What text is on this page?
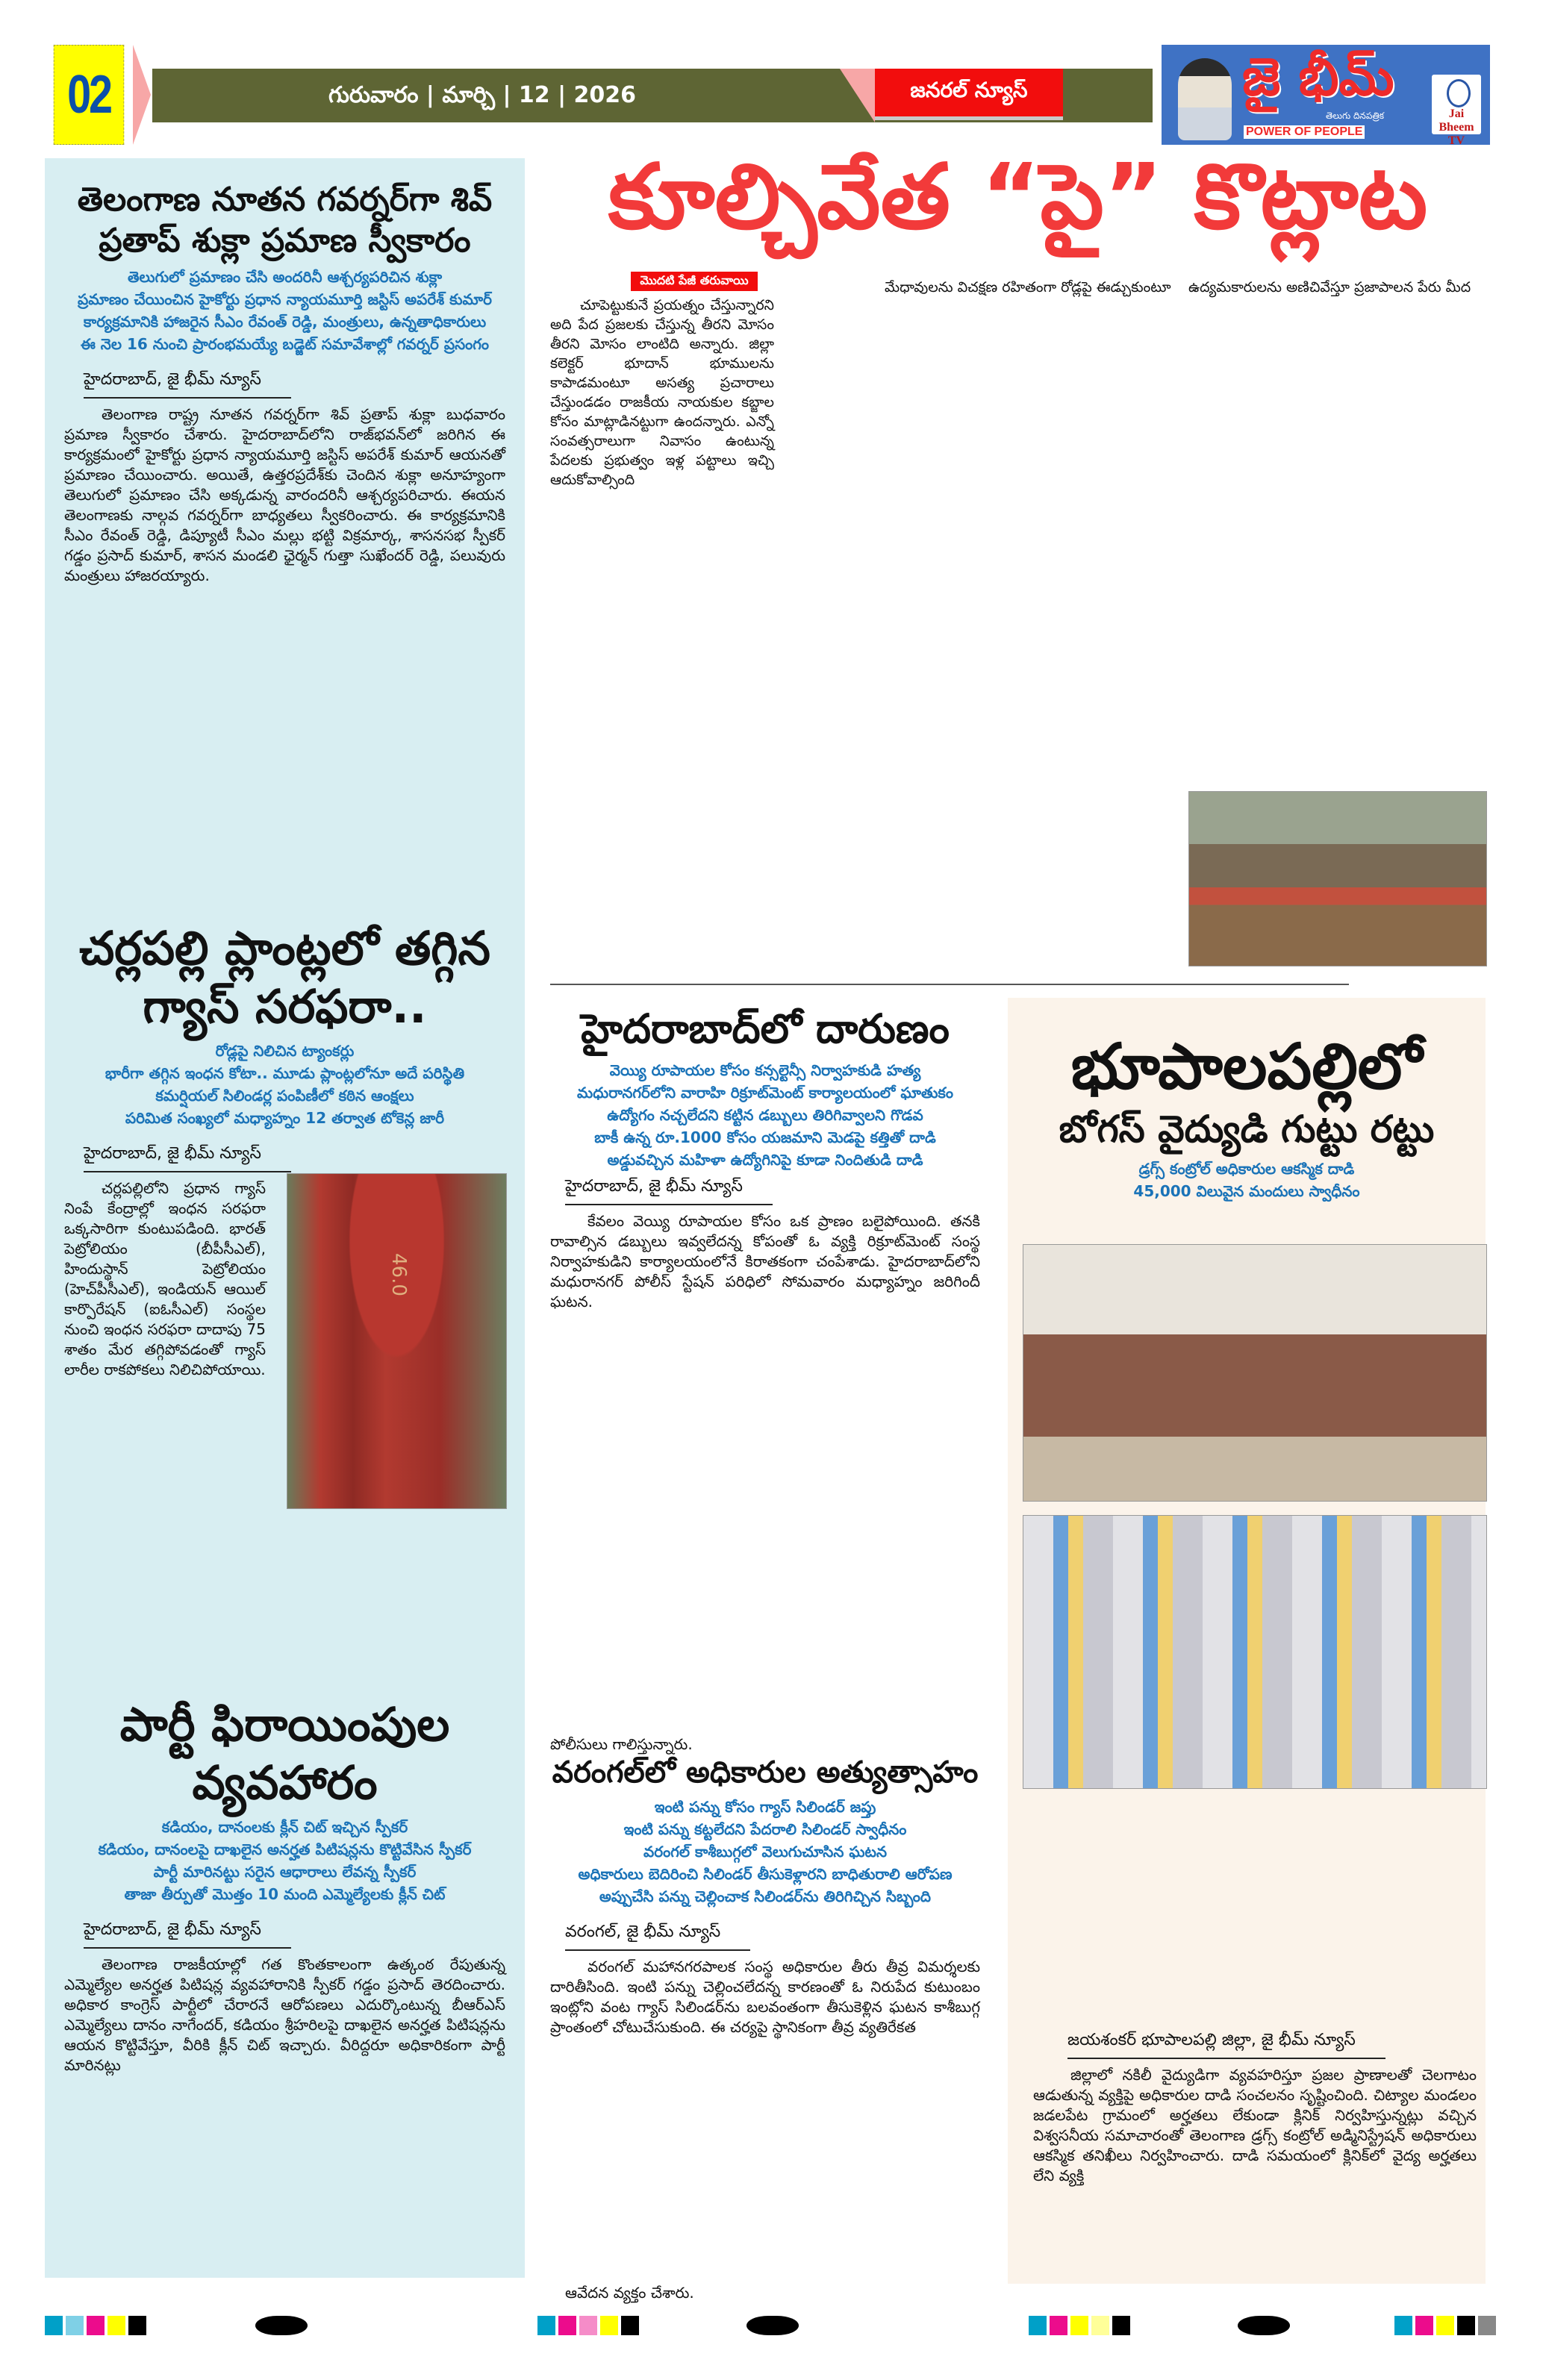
02	గురువారం | మార్చి | 12 | 2026	జనరల్ న్యూస్	జై భీమ్
తెలుగు దినపత్రిక
POWER OF PEOPLE
Jai Bheem TV
తెలంగాణ నూతన గవర్నర్‌గా శివ్ ప్రతాప్ శుక్లా ప్రమాణ స్వీకారం
తెలుగులో ప్రమాణం చేసి అందరినీ ఆశ్చర్యపరిచిన శుక్లా
ప్రమాణం చేయించిన హైకోర్టు ప్రధాన న్యాయమూర్తి జస్టిస్ అపరేశ్ కుమార్
కార్యక్రమానికి హాజరైన సీఎం రేవంత్ రెడ్డి, మంత్రులు, ఉన్నతాధికారులు
ఈ నెల 16 నుంచి ప్రారంభమయ్యే బడ్జెట్ సమావేశాల్లో గవర్నర్ ప్రసంగం
హైదరాబాద్, జై భీమ్ న్యూస్

తెలంగాణ రాష్ట్ర నూతన గవర్నర్‌గా శివ్ ప్రతాప్ శుక్లా బుధవారం ప్రమాణ స్వీకారం చేశారు. హైదరాబాద్‌లోని రాజ్‌భవన్‌లో జరిగిన ఈ కార్యక్రమంలో హైకోర్టు ప్రధాన న్యాయమూర్తి జస్టిస్ అపరేశ్ కుమార్ ఆయనతో ప్రమాణం చేయించారు. అయితే, ఉత్తరప్రదేశ్‌కు చెందిన శుక్లా అనూహ్యంగా తెలుగులో ప్రమాణం చేసి అక్కడున్న వారందరినీ ఆశ్చర్యపరిచారు. ఈయన తెలంగాణకు నాల్గవ గవర్నర్‌గా బాధ్యతలు స్వీకరించారు. ఈ కార్యక్రమానికి సీఎం రేవంత్ రెడ్డి, డిప్యూటీ సీఎం మల్లు భట్టి విక్రమార్క, శాసనసభ స్పీకర్ గడ్డం ప్రసాద్ కుమార్, శాసన మండలి ఛైర్మన్ గుత్తా సుఖేందర్ రెడ్డి, పలువురు మంత్రులు హాజరయ్యారు.

చర్లపల్లి ప్లాంట్లలో తగ్గిన గ్యాస్ సరఫరా..
రోడ్లపై నిలిచిన ట్యాంకర్లు
భారీగా తగ్గిన ఇంధన కోటా.. మూడు ప్లాంట్లలోనూ అదే పరిస్థితి
కమర్షియల్ సిలిండర్ల పంపిణీలో కఠిన ఆంక్షలు
పరిమిత సంఖ్యలో మధ్యాహ్నం 12 తర్వాత టోకెన్ల జారీ
హైదరాబాద్, జై భీమ్ న్యూస్

చర్లపల్లిలోని ప్రధాన గ్యాస్ నింపే కేంద్రాల్లో ఇంధన సరఫరా ఒక్కసారిగా కుంటుపడింది. భారత్ పెట్రోలియం (బీపీసీఎల్), హిందుస్థాన్ పెట్రోలియం (హెచ్‌పీసీఎల్), ఇండియన్ ఆయిల్ కార్పొరేషన్ (ఐఓసీఎల్) సంస్థల నుంచి ఇంధన సరఫరా దాదాపు 75 శాతం మేర తగ్గిపోవడంతో గ్యాస్ లారీల రాకపోకలు నిలిచిపోయాయి.

46.0
పార్టీ ఫిరాయింపుల వ్యవహారం
కడియం, దానంలకు క్లీన్ చిట్ ఇచ్చిన స్పీకర్
కడియం, దానంలపై దాఖలైన అనర్హత పిటిషన్లను కొట్టివేసిన స్పీకర్
పార్టీ మారినట్టు సరైన ఆధారాలు లేవన్న స్పీకర్
తాజా తీర్పుతో మొత్తం 10 మంది ఎమ్మెల్యేలకు క్లీన్ చిట్
హైదరాబాద్, జై భీమ్ న్యూస్

తెలంగాణ రాజకీయాల్లో గత కొంతకాలంగా ఉత్కంఠ రేపుతున్న ఎమ్మెల్యేల అనర్హత పిటిషన్ల వ్యవహారానికి స్పీకర్ గడ్డం ప్రసాద్ తెరదించారు. అధికార కాంగ్రెస్ పార్టీలో చేరారనే ఆరోపణలు ఎదుర్కొంటున్న బీఆర్ఎస్ ఎమ్మెల్యేలు దానం నాగేందర్, కడియం శ్రీహరిలపై దాఖలైన అనర్హత పిటిషన్లను ఆయన కొట్టివేస్తూ, వీరికి క్లీన్ చిట్ ఇచ్చారు. వీరిద్దరూ అధికారికంగా పార్టీ మారినట్లు

కూల్చివేత “పై” కొట్లాట
మొదటి పేజీ తరువాయి
చూపెట్టుకునే ప్రయత్నం చేస్తున్నారని అది పేద ప్రజలకు చేస్తున్న తీరని మోసం తీరని మోసం లాంటిది అన్నారు. జిల్లా కలెక్టర్ భూదాన్ భూములను కాపాడమంటూ అసత్య ప్రచారాలు చేస్తుండడం రాజకీయ నాయకుల కబ్జాల కోసం మాట్లాడినట్టుగా ఉందన్నారు. ఎన్నో సంవత్సరాలుగా నివాసం ఉంటున్న పేదలకు ప్రభుత్వం ఇళ్ల పట్టాలు ఇచ్చి ఆదుకోవాల్సింది
మేధావులను విచక్షణ రహితంగా రోడ్లపై ఈడ్చుకుంటూ	ఉద్యమకారులను అణిచివేస్తూ ప్రజాపాలన పేరు మీద
హైదరాబాద్‌లో దారుణం
వెయ్యి రూపాయల కోసం కన్సల్టెన్సీ నిర్వాహకుడి హత్య
మధురానగర్‌లోని వారాహి రిక్రూట్‌మెంట్ కార్యాలయంలో ఘాతుకం
ఉద్యోగం నచ్చలేదని కట్టిన డబ్బులు తిరిగివ్వాలని గొడవ
బాకీ ఉన్న రూ.1000 కోసం యజమాని మెడపై కత్తితో దాడి
అడ్డువచ్చిన మహిళా ఉద్యోగినిపై కూడా నిందితుడి దాడి
హైదరాబాద్, జై భీమ్ న్యూస్

కేవలం వెయ్యి రూపాయల కోసం ఒక ప్రాణం బలైపోయింది. తనకి రావాల్సిన డబ్బులు ఇవ్వలేదన్న కోపంతో ఓ వ్యక్తి రిక్రూట్‌మెంట్ సంస్థ నిర్వాహకుడిని కార్యాలయంలోనే కిరాతకంగా చంపేశాడు. హైదరాబాద్‌లోని మధురానగర్ పోలీస్ స్టేషన్ పరిధిలో సోమవారం మధ్యాహ్నం జరిగిందీ ఘటన.

పోలీసులు గాలిస్తున్నారు.
వరంగల్‌లో అధికారుల అత్యుత్సాహం
ఇంటి పన్ను కోసం గ్యాస్ సిలిండర్ జప్తు
ఇంటి పన్ను కట్టలేదని పేదరాలి సిలిండర్ స్వాధీనం
వరంగల్ కాశీబుగ్గలో వెలుగుచూసిన ఘటన
అధికారులు బెదిరించి సిలిండర్ తీసుకెళ్లారని బాధితురాలి ఆరోపణ
అప్పుచేసి పన్ను చెల్లించాక సిలిండర్‌ను తిరిగిచ్చిన సిబ్బంది
వరంగల్, జై భీమ్ న్యూస్

వరంగల్ మహానగరపాలక సంస్థ అధికారుల తీరు తీవ్ర విమర్శలకు దారితీసింది. ఇంటి పన్ను చెల్లించలేదన్న కారణంతో ఓ నిరుపేద కుటుంబం ఇంట్లోని వంట గ్యాస్ సిలిండర్‌ను బలవంతంగా తీసుకెళ్లిన ఘటన కాశీబుగ్గ ప్రాంతంలో చోటుచేసుకుంది. ఈ చర్యపై స్థానికంగా తీవ్ర వ్యతిరేకత

ఆవేదన వ్యక్తం చేశారు.
భూపాలపల్లిలో
బోగస్ వైద్యుడి గుట్టు రట్టు
డ్రగ్స్ కంట్రోల్ అధికారుల ఆకస్మిక దాడి
45,000 విలువైన మందులు స్వాధీనం
జయశంకర్ భూపాలపల్లి జిల్లా, జై భీమ్ న్యూస్

జిల్లాలో నకిలీ వైద్యుడిగా వ్యవహరిస్తూ ప్రజల ప్రాణాలతో చెలగాటం ఆడుతున్న వ్యక్తిపై అధికారుల దాడి సంచలనం సృష్టించింది. చిట్యాల మండలం జడలపేట గ్రామంలో అర్హతలు లేకుండా క్లినిక్ నిర్వహిస్తున్నట్లు వచ్చిన విశ్వసనీయ సమాచారంతో తెలంగాణ డ్రగ్స్ కంట్రోల్ అడ్మినిస్ట్రేషన్ అధికారులు ఆకస్మిక తనిఖీలు నిర్వహించారు. దాడి సమయంలో క్లినిక్‌లో వైద్య అర్హతలు లేని వ్యక్తి
